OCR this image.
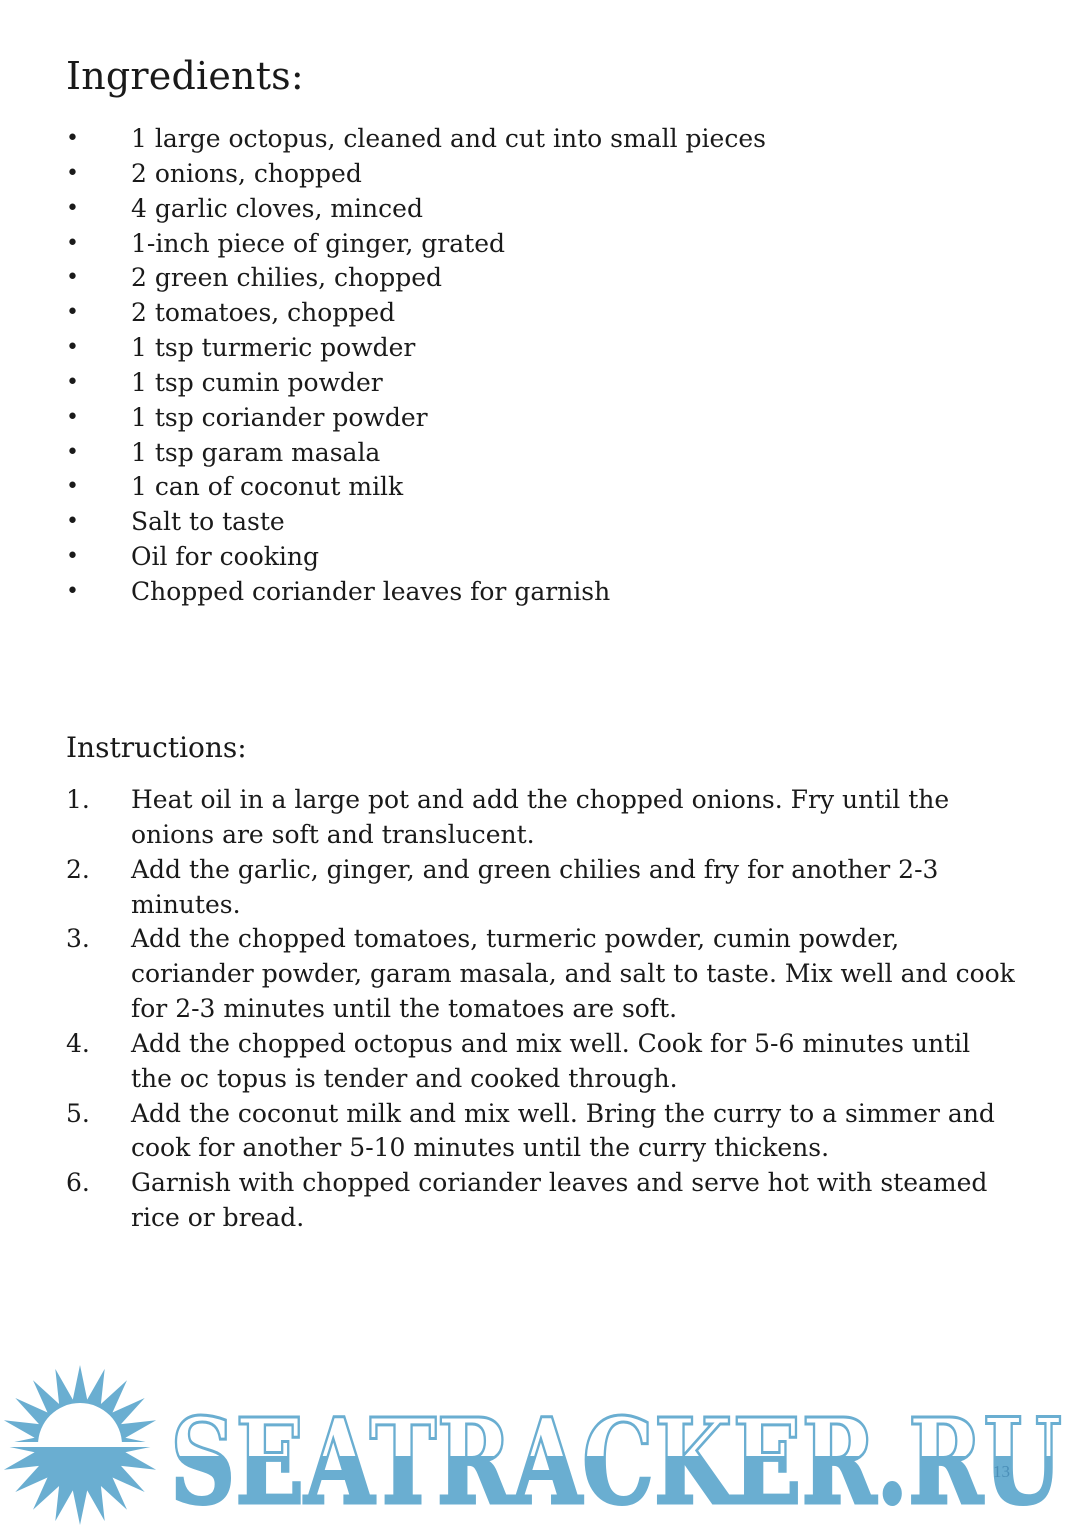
Ingredients:
• 1 large octopus, cleaned and cut into small pieces
• 2 onions, chopped
• 4 garlic cloves, minced
• 1-inch piece of ginger, grated
• 2 green chilies, chopped
• 2 tomatoes, chopped
• 1 tsp turmeric powder
• 1 tsp cumin powder
• 1 tsp coriander powder
• 1 tsp garam masala
• 1 can of coconut milk
• Salt to taste
• Oil for cooking
• Chopped coriander leaves for garnish
Instructions:
1. Heat oil in a large pot and add the chopped onions. Fry until the onions are soft and translucent.
2. Add the garlic, ginger, and green chilies and fry for another 2-3 minutes.
3. Add the chopped tomatoes, turmeric powder, cumin powder, coriander powder, garam masala, and salt to taste. Mix well and cook for 2-3 minutes until the tomatoes are soft.
4. Add the chopped octopus and mix well. Cook for 5-6 minutes until the oc topus is tender and cooked through.
5. Add the coconut milk and mix well. Bring the curry to a simmer and cook for another 5-10 minutes until the curry thickens.
6. Garnish with chopped coriander leaves and serve hot with steamed rice or bread.
SEATRACKER.RU
13
